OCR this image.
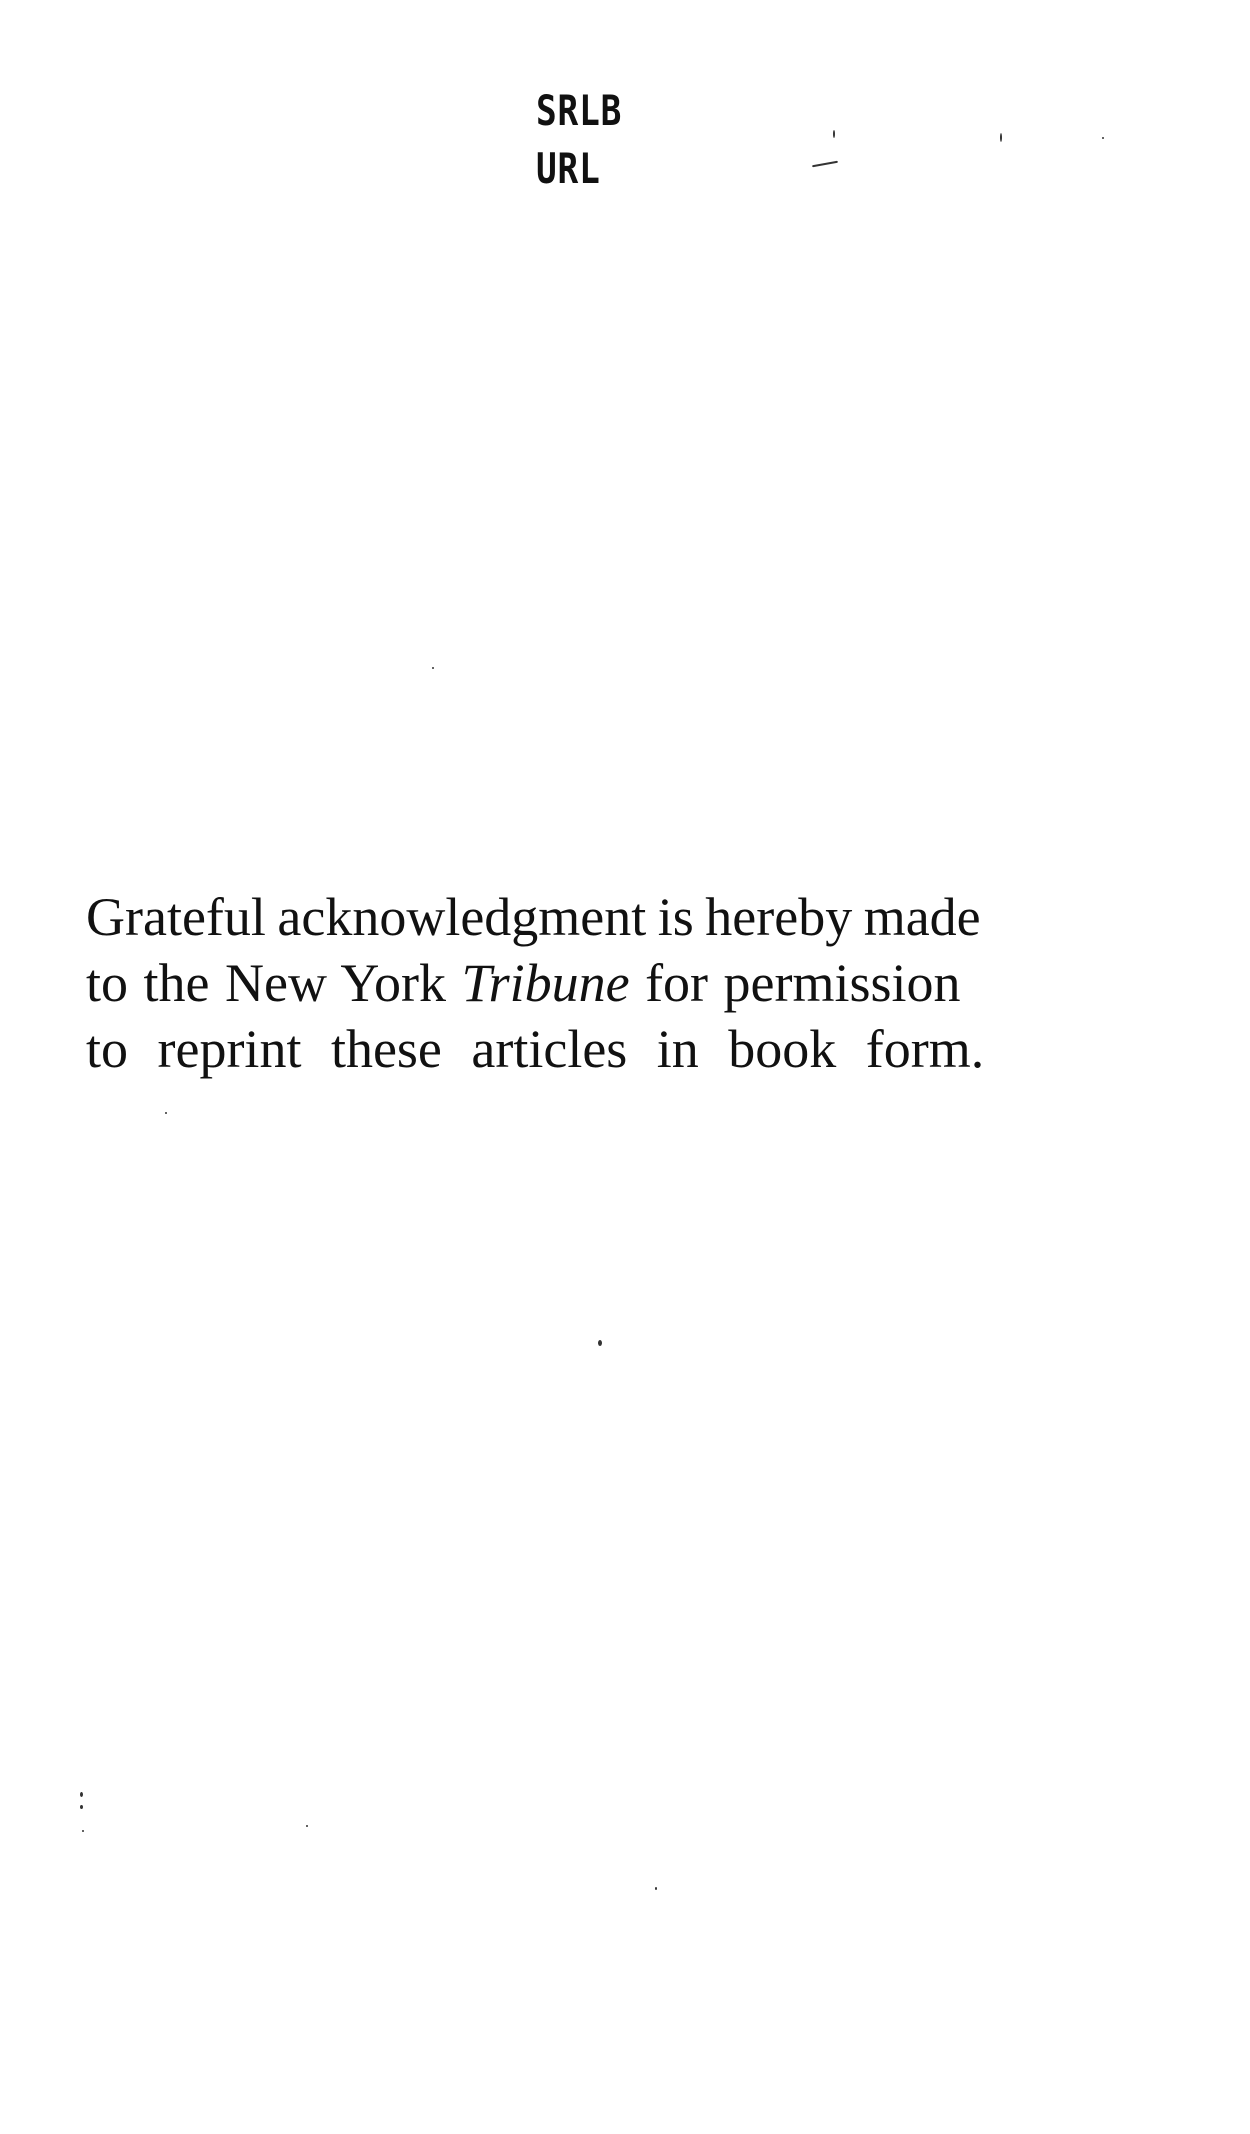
SRLB
URL
Grateful acknowledgment is hereby made
to the New York Tribune for permission
to reprint these articles in book form.
